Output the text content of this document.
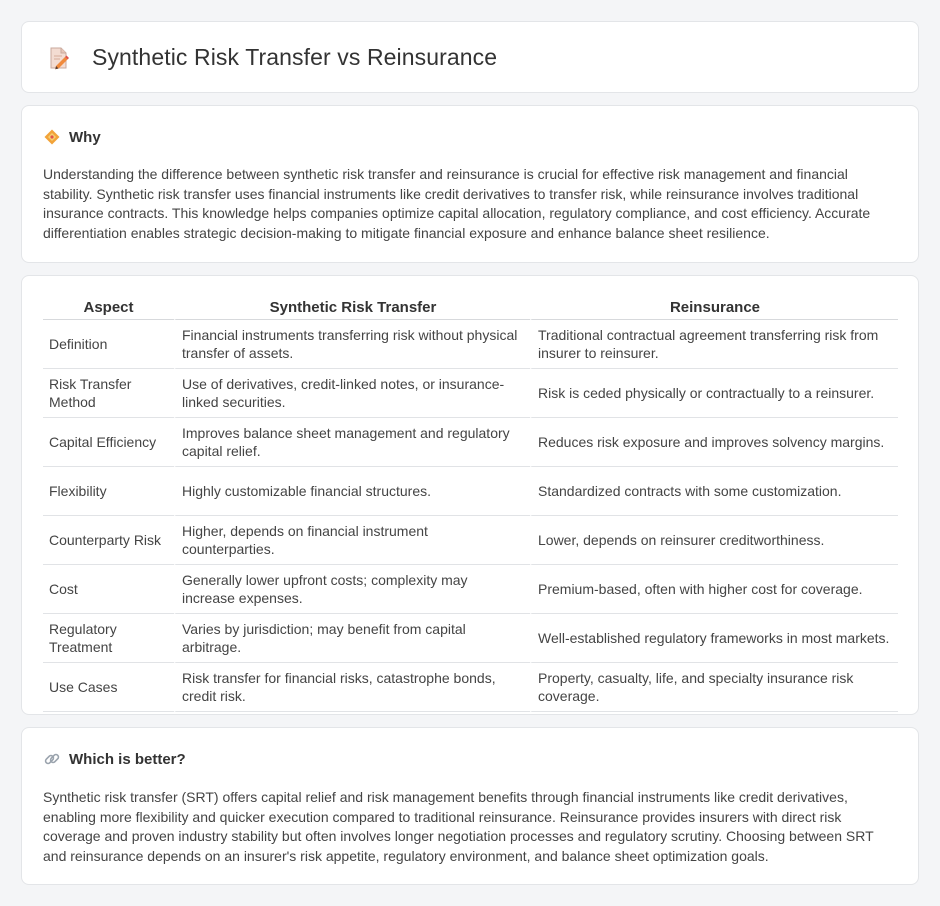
Synthetic Risk Transfer vs Reinsurance
Why

Understanding the difference between synthetic risk transfer and reinsurance is crucial for effective risk management and financial stability. Synthetic risk transfer uses financial instruments like credit derivatives to transfer risk, while reinsurance involves traditional insurance contracts. This knowledge helps companies optimize capital allocation, regulatory compliance, and cost efficiency. Accurate differentiation enables strategic decision-making to mitigate financial exposure and enhance balance sheet resilience.

Aspect	Synthetic Risk Transfer	Reinsurance
Definition	Financial instruments transferring risk without physical transfer of assets.	Traditional contractual agreement transferring risk from insurer to reinsurer.
Risk Transfer Method	Use of derivatives, credit-linked notes, or insurance-linked securities.	Risk is ceded physically or contractually to a reinsurer.
Capital Efficiency	Improves balance sheet management and regulatory capital relief.	Reduces risk exposure and improves solvency margins.
Flexibility	Highly customizable financial structures.	Standardized contracts with some customization.
Counterparty Risk	Higher, depends on financial instrument counterparties.	Lower, depends on reinsurer creditworthiness.
Cost	Generally lower upfront costs; complexity may increase expenses.	Premium-based, often with higher cost for coverage.
Regulatory Treatment	Varies by jurisdiction; may benefit from capital arbitrage.	Well-established regulatory frameworks in most markets.
Use Cases	Risk transfer for financial risks, catastrophe bonds, credit risk.	Property, casualty, life, and specialty insurance risk coverage.
Which is better?

Synthetic risk transfer (SRT) offers capital relief and risk management benefits through financial instruments like credit derivatives, enabling more flexibility and quicker execution compared to traditional reinsurance. Reinsurance provides insurers with direct risk coverage and proven industry stability but often involves longer negotiation processes and regulatory scrutiny. Choosing between SRT and reinsurance depends on an insurer's risk appetite, regulatory environment, and balance sheet optimization goals.
